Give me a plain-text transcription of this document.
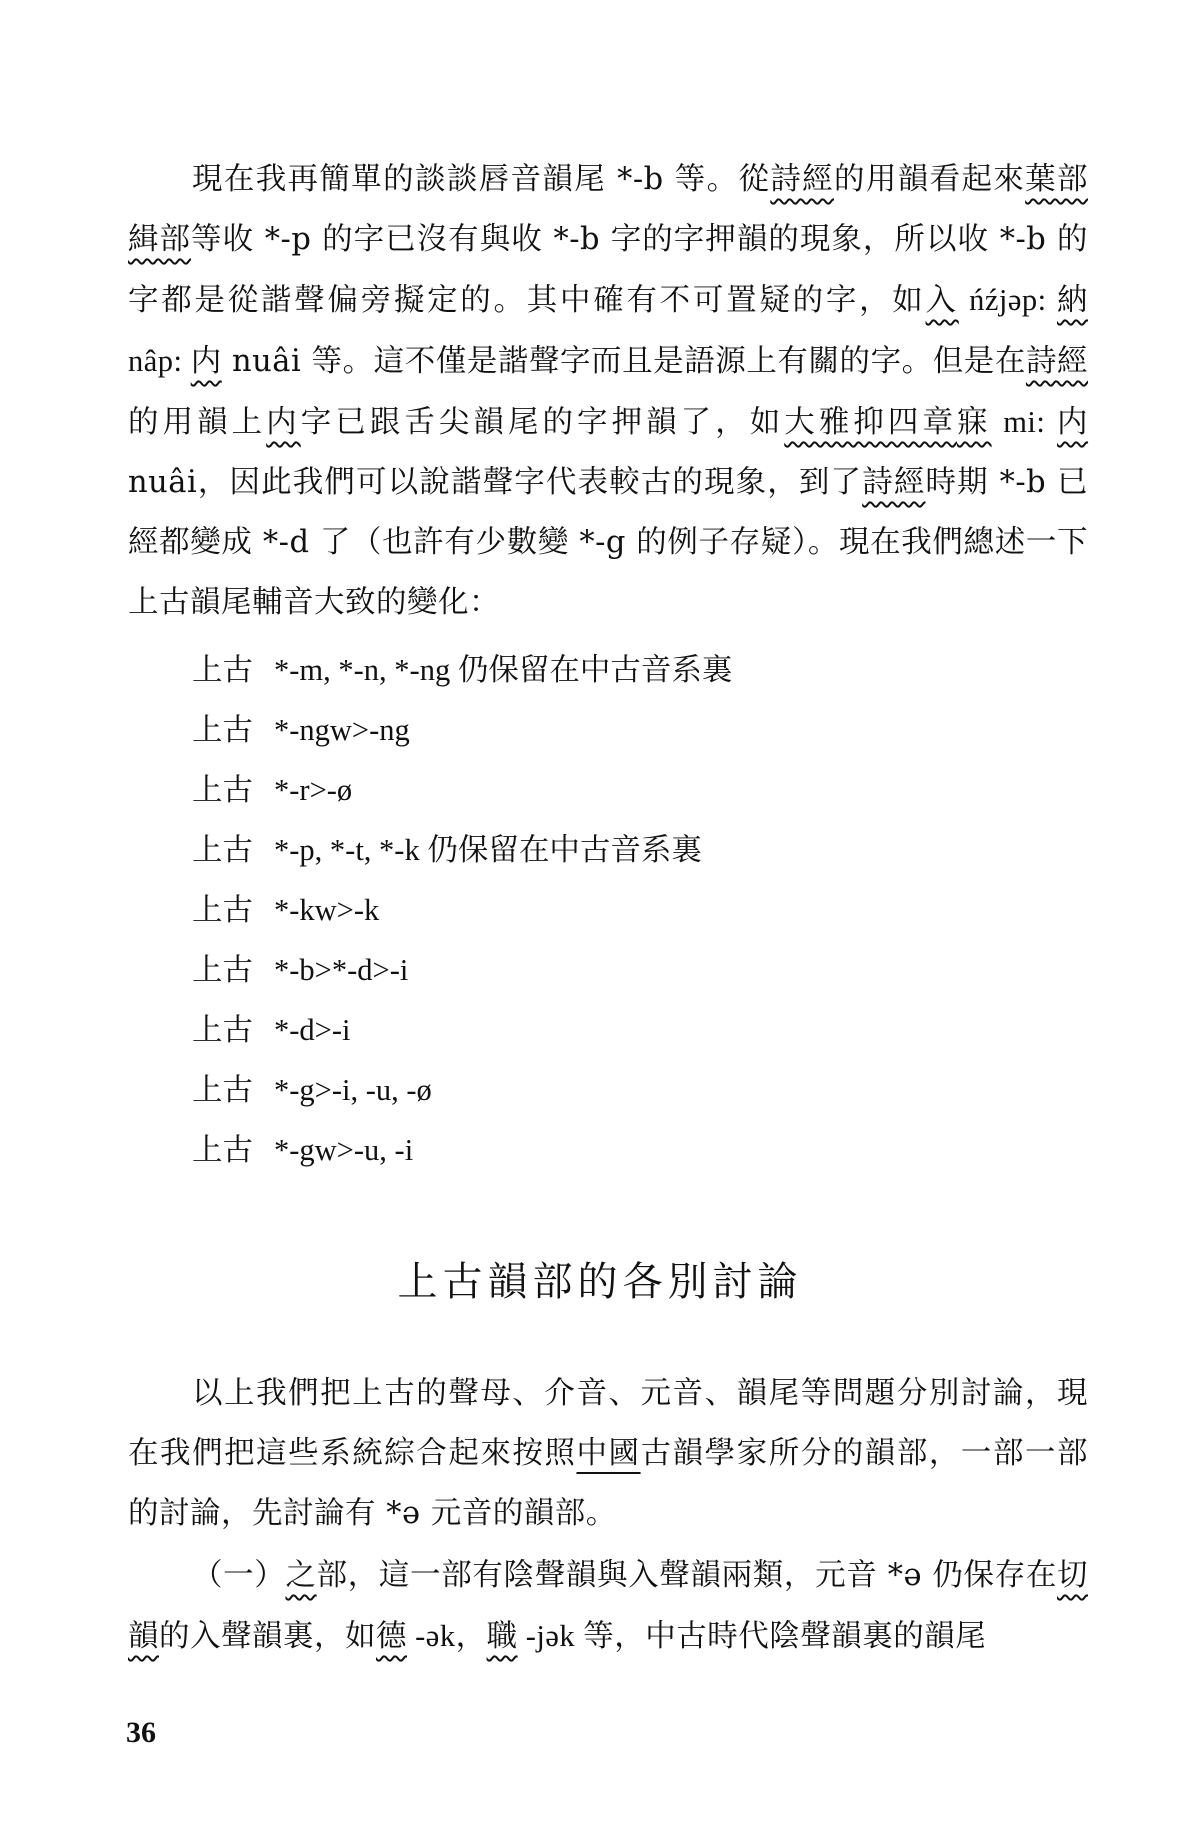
現在我再簡單的談談唇音韻尾 *-b 等。從詩經的用韻看起來葉部緝部等收 *-p 的字已沒有與收 *-b 字的字押韻的現象，所以收 *-b 的字都是從諧聲偏旁擬定的。其中確有不可置疑的字，如入 ńźjəp: 納 nâp: 内 nuâi 等。這不僅是諧聲字而且是語源上有關的字。但是在詩經的用韻上内字已跟舌尖韻尾的字押韻了，如大雅抑四章寐 mi: 内 nuâi，因此我們可以說諧聲字代表較古的現象，到了詩經時期 *-b 已經都變成 *-d 了（也許有少數變 *-g 的例子存疑）。現在我們總述一下上古韻尾輔音大致的變化：

上古 *-m, *-n, *-ng 仍保留在中古音系裏
上古 *-ngw>-ng
上古 *-r>-ø
上古 *-p, *-t, *-k 仍保留在中古音系裏
上古 *-kw>-k
上古 *-b>*-d>-i
上古 *-d>-i
上古 *-g>-i, -u, -ø
上古 *-gw>-u, -i
上古韻部的各別討論

以上我們把上古的聲母、介音、元音、韻尾等問題分別討論，現在我們把這些系統綜合起來按照中國古韻學家所分的韻部，一部一部的討論，先討論有 *ə 元音的韻部。

（一）之部，這一部有陰聲韻與入聲韻兩類，元音 *ə 仍保存在切韻的入聲韻裏，如德 -ək，職 -jək 等，中古時代陰聲韻裏的韻尾

36
